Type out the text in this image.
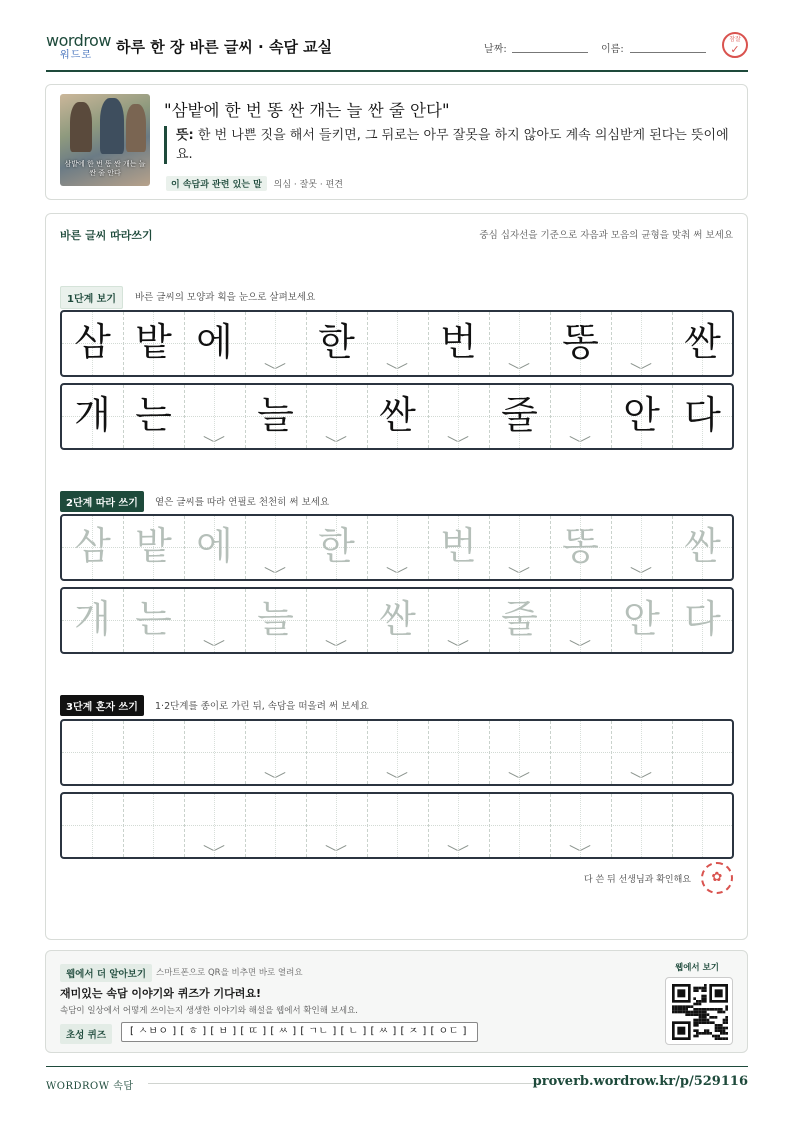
wordrow
워드로	하루 한 장 바른 글씨 · 속담 교실	날짜:	이름:
참잘
✓
삼밭에 한 번 똥 싼 개는 늘 싼 줄 안다
"삼밭에 한 번 똥 싼 개는 늘 싼 줄 안다"
뜻: 한 번 나쁜 짓을 해서 들키면, 그 뒤로는 아무 잘못을 하지 않아도 계속 의심받게 된다는 뜻이에요.
이 속담과 관련 있는 말 의심 · 잘못 · 편견
바른 글씨 따라쓰기	중심 십자선을 기준으로 자음과 모음의 균형을 맞춰 써 보세요
1단계 보기	바른 글씨의 모양과 획을 눈으로 살펴보세요
삼 밭 에	한	번	똥	싼
개 는	늘	싼	줄	안 다
2단계 따라 쓰기	옅은 글씨를 따라 연필로 천천히 써 보세요
삼 밭 에	한	번	똥	싼
개 는	늘	싼	줄	안 다
3단계 혼자 쓰기	1·2단계를 종이로 가린 뒤, 속담을 떠올려 써 보세요
다 쓴 뒤 선생님과 확인해요	✿
웹에서 더 알아보기	스마트폰으로 QR을 비추면 바로 열려요
재미있는 속담 이야기와 퀴즈가 기다려요!
속담이 일상에서 어떻게 쓰이는지 생생한 이야기와 해설을 웹에서 확인해 보세요.
초성 퀴즈	[ ㅅㅂㅇ ] [ ㅎ ] [ ㅂ ] [ ㄸ ] [ ㅆ ] [ ㄱㄴ ] [ ㄴ ] [ ㅆ ] [ ㅈ ] [ ㅇㄷ ]
웹에서 보기
WORDROW 속담	proverb.wordrow.kr/p/529116
